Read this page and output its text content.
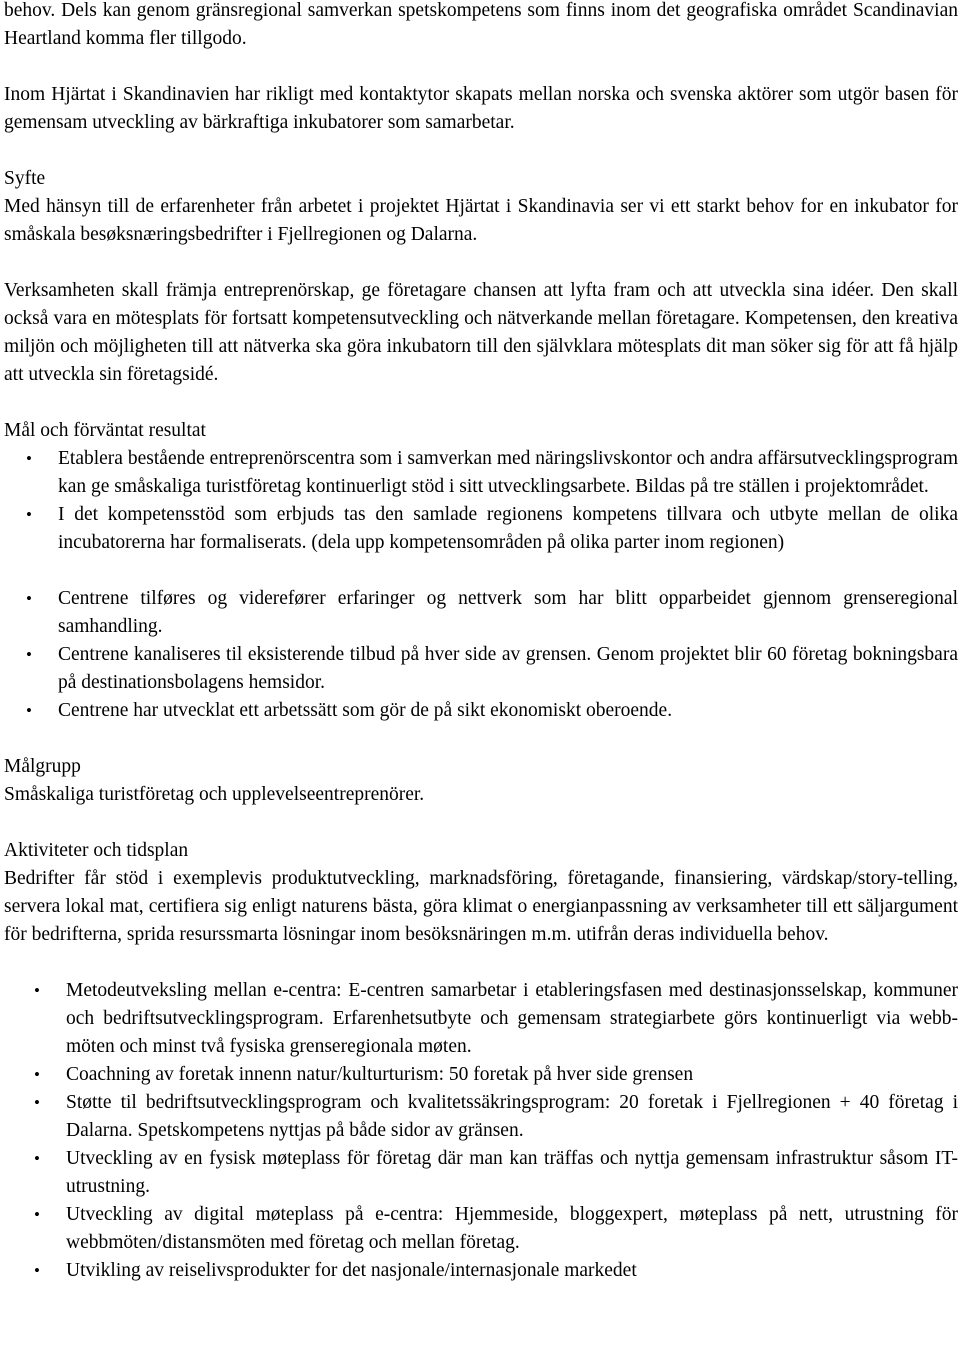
behov. Dels kan genom gränsregional samverkan spetskompetens som finns inom det geografiska området Scandinavian Heartland komma fler tillgodo.

Inom Hjärtat i Skandinavien har rikligt med kontaktytor skapats mellan norska och svenska aktörer som utgör basen för gemensam utveckling av bärkraftiga inkubatorer som samarbetar.

Syfte

Med hänsyn till de erfarenheter från arbetet i projektet Hjärtat i Skandinavia ser vi ett starkt behov for en inkubator for småskala besøksnæringsbedrifter i Fjellregionen og Dalarna.

Verksamheten skall främja entreprenörskap, ge företagare chansen att lyfta fram och att utveckla sina idéer. Den skall också vara en mötesplats för fortsatt kompetensutveckling och nätverkande mellan företagare. Kompetensen, den kreativa miljön och möjligheten till att nätverka ska göra inkubatorn till den självklara mötesplats dit man söker sig för att få hjälp att utveckla sin företagsidé.

Mål och förväntat resultat

• Etablera bestående entreprenörscentra som i samverkan med näringslivskontor och andra affärsutvecklingsprogram kan ge småskaliga turistföretag kontinuerligt stöd i sitt utvecklingsarbete. Bildas på tre ställen i projektområdet.
• I det kompetensstöd som erbjuds tas den samlade regionens kompetens tillvara och utbyte mellan de olika incubatorerna har formaliserats. (dela upp kompetensområden på olika parter inom regionen)
• Centrene tilføres og viderefører erfaringer og nettverk som har blitt opparbeidet gjennom grenseregional samhandling.
• Centrene kanaliseres til eksisterende tilbud på hver side av grensen. Genom projektet blir 60 företag bokningsbara på destinationsbolagens hemsidor.
• Centrene har utvecklat ett arbetssätt som gör de på sikt ekonomiskt oberoende.

Målgrupp

Småskaliga turistföretag och upplevelseentreprenörer.

Aktiviteter och tidsplan

Bedrifter får stöd i exemplevis produktutveckling, marknadsföring, företagande, finansiering, värdskap/story-telling, servera lokal mat, certifiera sig enligt naturens bästa, göra klimat o energianpassning av verksamheter till ett säljargument för bedrifterna, sprida resurssmarta lösningar inom besöksnäringen m.m. utifrån deras individuella behov.

• Metodeutveksling mellan e-centra: E-centren samarbetar i etableringsfasen med destinasjonsselskap, kommuner och bedriftsutvecklingsprogram. Erfarenhetsutbyte och gemensam strategiarbete görs kontinuerligt via webb-möten och minst två fysiska grenseregionala møten.
• Coachning av foretak innenn natur/kulturturism: 50 foretak på hver side grensen
• Støtte til bedriftsutvecklingsprogram och kvalitetssäkringsprogram: 20 foretak i Fjellregionen + 40 företag i Dalarna. Spetskompetens nyttjas på både sidor av gränsen.
• Utveckling av en fysisk møteplass för företag där man kan träffas och nyttja gemensam infrastruktur såsom IT-utrustning.
• Utveckling av digital møteplass på e-centra: Hjemmeside, bloggexpert, møteplass på nett, utrustning för webbmöten/distansmöten med företag och mellan företag.
• Utvikling av reiselivsprodukter for det nasjonale/internasjonale markedet
